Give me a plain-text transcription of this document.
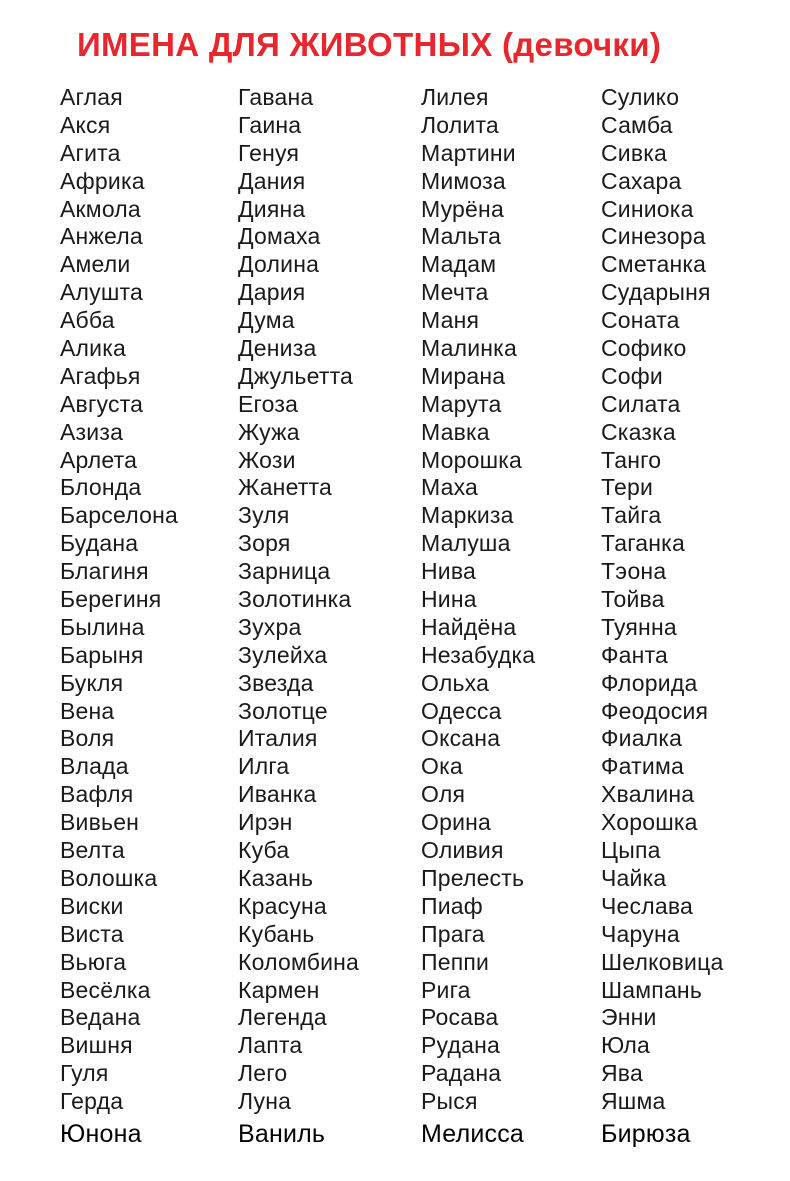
ИМЕНА ДЛЯ ЖИВОТНЫХ (девочки)
Аглая
Акся
Агита
Африка
Акмола
Анжела
Амели
Алушта
Абба
Алика
Агафья
Августа
Азиза
Арлета
Блонда
Барселона
Будана
Благиня
Берегиня
Былина
Барыня
Букля
Вена
Воля
Влада
Вафля
Вивьен
Велта
Волошка
Виски
Виста
Вьюга
Весёлка
Ведана
Вишня
Гуля
Герда
Юнона
Гавана
Гаина
Генуя
Дания
Дияна
Домаха
Долина
Дария
Дума
Дениза
Джульетта
Егоза
Жужа
Жози
Жанетта
Зуля
Зоря
Зарница
Золотинка
Зухра
Зулейха
Звезда
Золотце
Италия
Илга
Иванка
Ирэн
Куба
Казань
Красуна
Кубань
Коломбина
Кармен
Легенда
Лапта
Лего
Луна
Ваниль
Лилея
Лолита
Мартини
Мимоза
Мурёна
Мальта
Мадам
Мечта
Маня
Малинка
Мирана
Марута
Мавка
Морошка
Маха
Маркиза
Малуша
Нива
Нина
Найдёна
Незабудка
Ольха
Одесса
Оксана
Ока
Оля
Орина
Оливия
Прелесть
Пиаф
Прага
Пеппи
Рига
Росава
Рудана
Радана
Рыся
Мелисса
Сулико
Самба
Сивка
Сахара
Синиока
Синезора
Сметанка
Сударыня
Соната
Софико
Софи
Силата
Сказка
Танго
Тери
Тайга
Таганка
Тэона
Тойва
Туянна
Фанта
Флорида
Феодосия
Фиалка
Фатима
Хвалина
Хорошка
Цыпа
Чайка
Чеслава
Чаруна
Шелковица
Шампань
Энни
Юла
Ява
Яшма
Бирюза
